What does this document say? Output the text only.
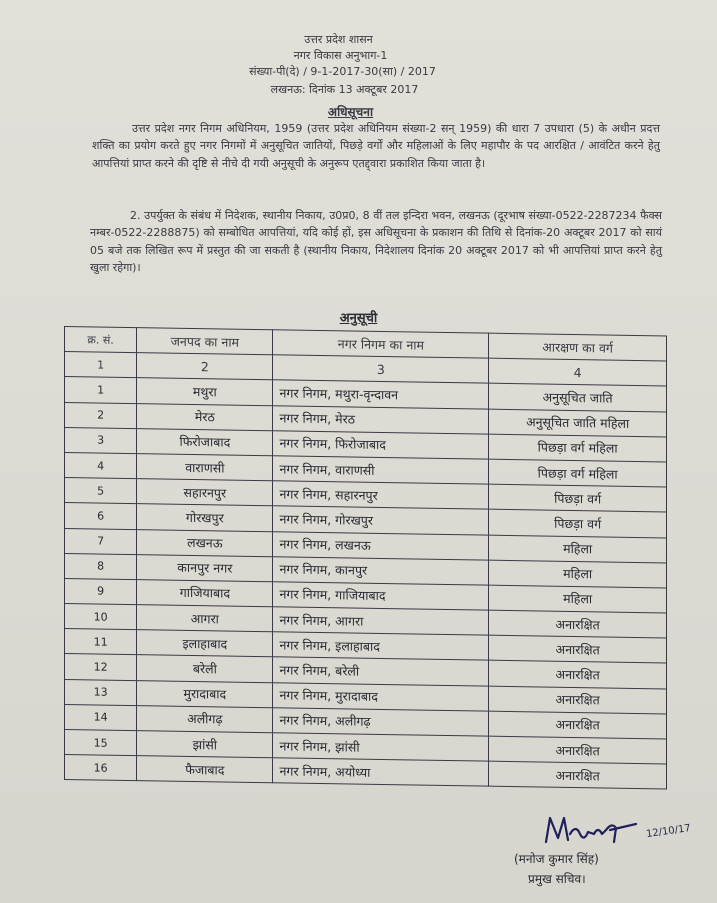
उत्तर प्रदेश शासन
नगर विकास अनुभाग-1
संख्या-पी(दे) / 9-1-2017-30(सा) / 2017
लखनऊ: दिनांक 13 अक्टूबर 2017
अधिसूचना
उत्तर प्रदेश नगर निगम अधिनियम, 1959 (उत्तर प्रदेश अधिनियम संख्या-2 सन् 1959) की धारा 7 उपधारा (5) के अधीन प्रदत्त शक्ति का प्रयोग करते हुए नगर निगमों में अनुसूचित जातियों, पिछड़े वर्गों और महिलाओं के लिए महापौर के पद आरक्षित / आवंटित करने हेतु आपत्तियां प्राप्त करने की दृष्टि से नीचे दी गयी अनुसूची के अनुरूप एतद्द्वारा प्रकाशित किया जाता है।
2. उपर्युक्त के संबंध में निदेशक, स्थानीय निकाय, उ0प्र0, 8 वीं तल इन्दिरा भवन, लखनऊ (दूरभाष संख्या-0522-2287234 फैक्स नम्बर-0522-2288875) को सम्बोधित आपत्तियां, यदि कोई हों, इस अधिसूचना के प्रकाशन की तिथि से दिनांक-20 अक्टूबर 2017 को सायं 05 बजे तक लिखित रूप में प्रस्तुत की जा सकती है (स्थानीय निकाय, निदेशालय दिनांक 20 अक्टूबर 2017 को भी आपत्तियां प्राप्त करने हेतु खुला रहेगा)।
अनुसूची
क्र. सं.	जनपद का नाम	नगर निगम का नाम	आरक्षण का वर्ग
1	2	3	4
1	मथुरा	नगर निगम, मथुरा-वृन्दावन	अनुसूचित जाति
2	मेरठ	नगर निगम, मेरठ	अनुसूचित जाति महिला
3	फिरोजाबाद	नगर निगम, फिरोजाबाद	पिछड़ा वर्ग महिला
4	वाराणसी	नगर निगम, वाराणसी	पिछड़ा वर्ग महिला
5	सहारनपुर	नगर निगम, सहारनपुर	पिछड़ा वर्ग
6	गोरखपुर	नगर निगम, गोरखपुर	पिछड़ा वर्ग
7	लखनऊ	नगर निगम, लखनऊ	महिला
8	कानपुर नगर	नगर निगम, कानपुर	महिला
9	गाजियाबाद	नगर निगम, गाजियाबाद	महिला
10	आगरा	नगर निगम, आगरा	अनारक्षित
11	इलाहाबाद	नगर निगम, इलाहाबाद	अनारक्षित
12	बरेली	नगर निगम, बरेली	अनारक्षित
13	मुरादाबाद	नगर निगम, मुरादाबाद	अनारक्षित
14	अलीगढ़	नगर निगम, अलीगढ़	अनारक्षित
15	झांसी	नगर निगम, झांसी	अनारक्षित
16	फैजाबाद	नगर निगम, अयोध्या	अनारक्षित
12/10/17
(मनोज कुमार सिंह)
प्रमुख सचिव।
